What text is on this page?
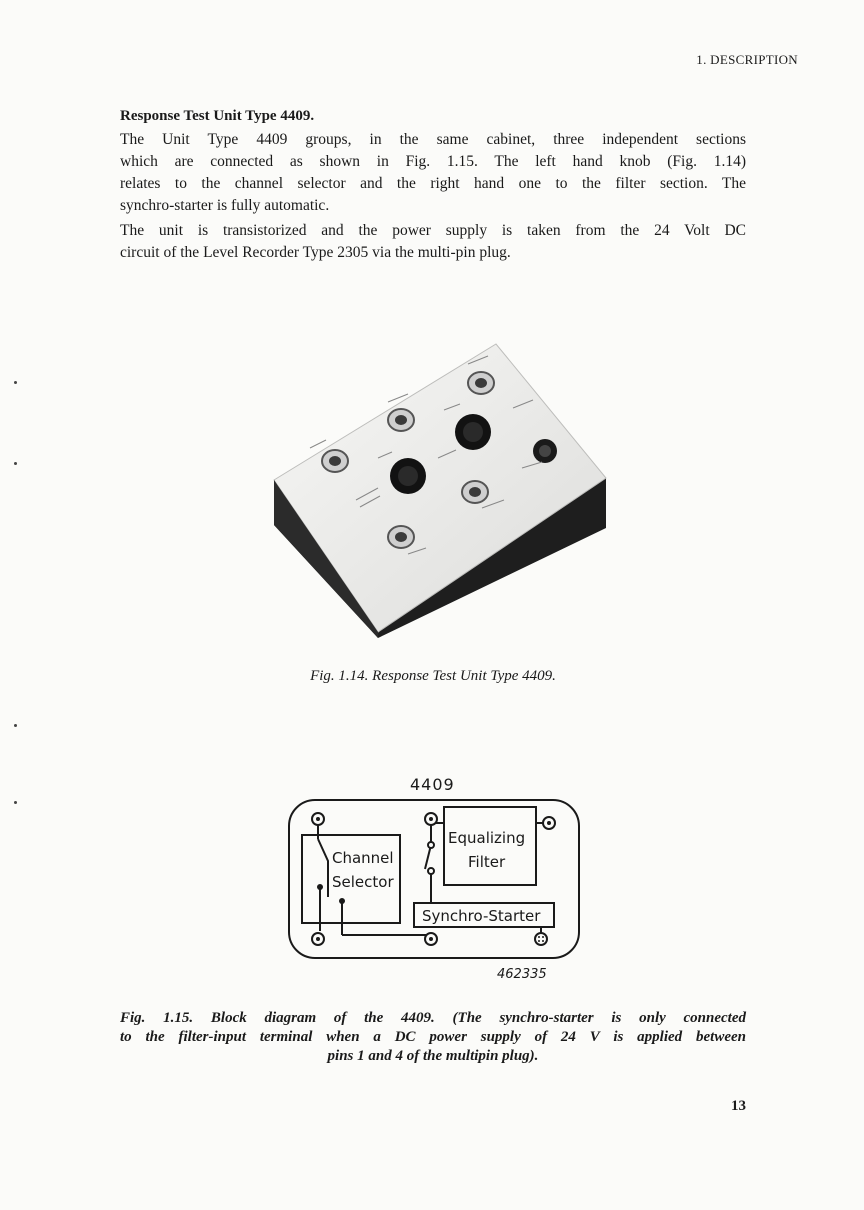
1. DESCRIPTION
Response Test Unit Type 4409.
The Unit Type 4409 groups, in the same cabinet, three independent sections
which are connected as shown in Fig. 1.15. The left hand knob (Fig. 1.14)
relates to the channel selector and the right hand one to the filter section. The
synchro-starter is fully automatic.
The unit is transistorized and the power supply is taken from the 24 Volt DC
circuit of the Level Recorder Type 2305 via the multi-pin plug.
Fig. 1.14. Response Test Unit Type 4409.
4409
Channel
Selector
Equalizing
Filter
Synchro-Starter
462335
Fig. 1.15. Block diagram of the 4409. (The synchro-starter is only connected
to the filter-input terminal when a DC power supply of 24 V is applied between
pins 1 and 4 of the multipin plug).
13
